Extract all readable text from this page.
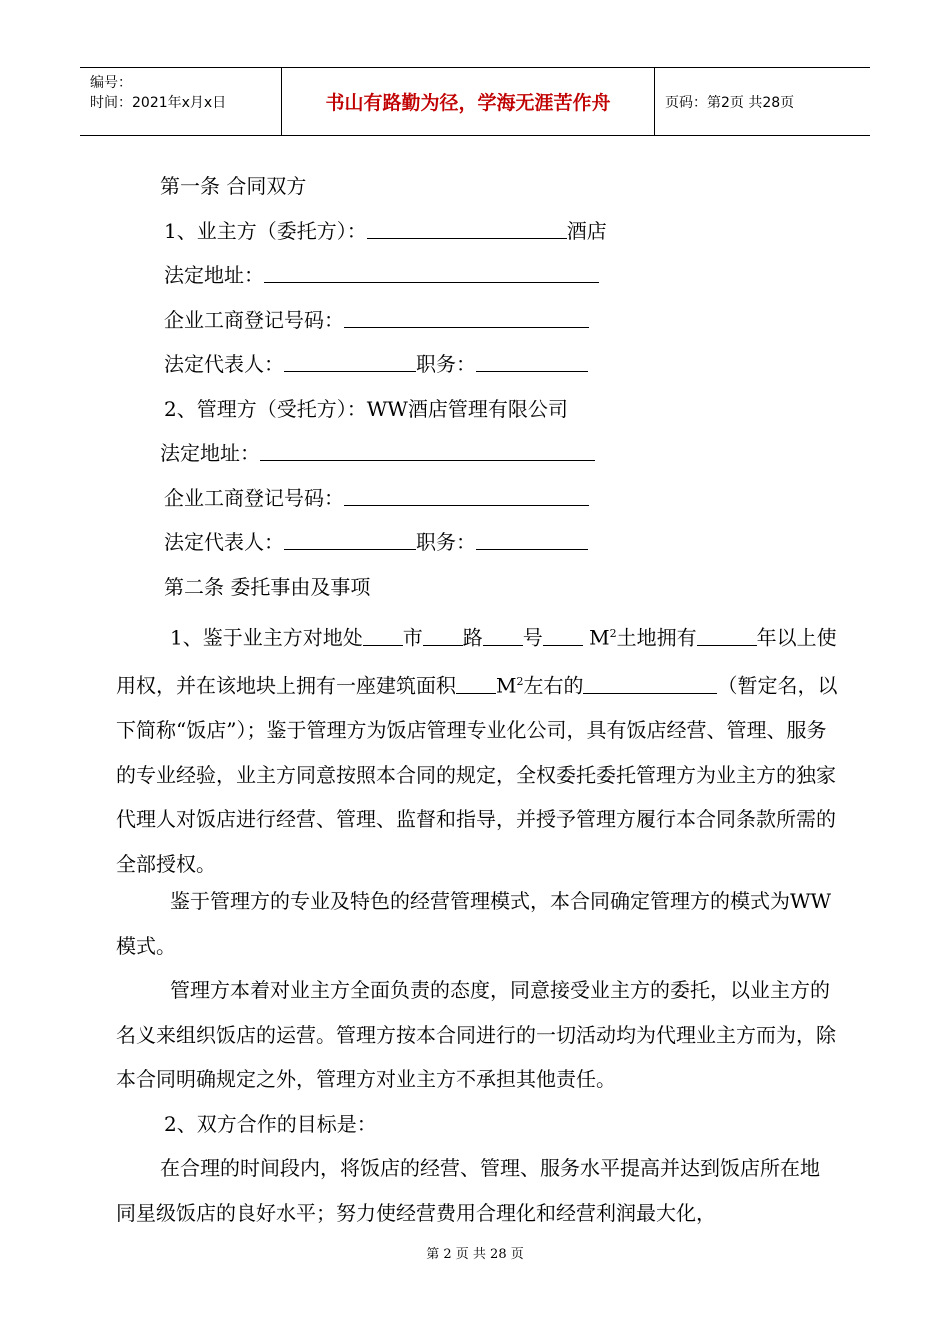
编号：
时间：2021年x月x日	书山有路勤为径，学海无涯苦作舟	页码：第2页 共28页
第一条 合同双方
1、业主方（委托方）：	酒店
法定地址：
企业工商登记号码：
法定代表人：	职务：
2、管理方（受托方）：WW酒店管理有限公司
法定地址：
企业工商登记号码：
法定代表人：	职务：
第二条 委托事由及事项
1、鉴于业主方对地处 市 路 号 $M^2$土地拥有	年以上使用权，并在该地块上拥有一座建筑面积 $M^2$左右的	（暂定名，以下简称“饭店”）；鉴于管理方为饭店管理专业化公司，具有饭店经营、管理、服务的专业经验，业主方同意按照本合同的规定，全权委托委托管理方为业主方的独家代理人对饭店进行经营、管理、监督和指导，并授予管理方履行本合同条款所需的全部授权。
鉴于管理方的专业及特色的经营管理模式，本合同确定管理方的模式为WW模式。
管理方本着对业主方全面负责的态度，同意接受业主方的委托，以业主方的名义来组织饭店的运营。管理方按本合同进行的一切活动均为代理业主方而为，除本合同明确规定之外，管理方对业主方不承担其他责任。
2、双方合作的目标是：
在合理的时间段内，将饭店的经营、管理、服务水平提高并达到饭店所在地同星级饭店的良好水平；努力使经营费用合理化和经营利润最大化，
第 2 页 共 28 页
